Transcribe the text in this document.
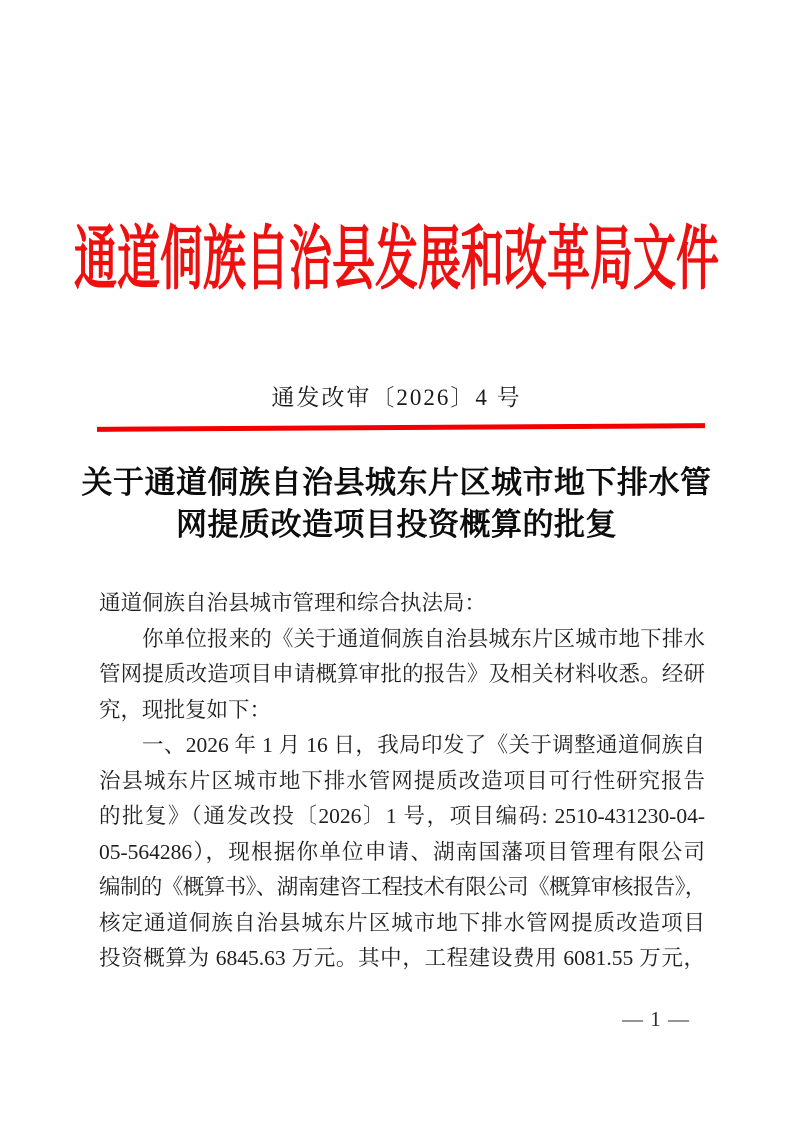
通道侗族自治县发展和改革局文件
通发改审〔2026〕4 号
关于通道侗族自治县城东片区城市地下排水管
网提质改造项目投资概算的批复
通道侗族自治县城市管理和综合执法局：
你单位报来的《关于通道侗族自治县城东片区城市地下排水
管网提质改造项目申请概算审批的报告》及相关材料收悉。经研
究，现批复如下：
一、2026 年 1 月 16 日，我局印发了《关于调整通道侗族自
治县城东片区城市地下排水管网提质改造项目可行性研究报告
的批复》（通发改投〔2026〕1 号，项目编码: 2510-431230-04-
05-564286），现根据你单位申请、湖南国藩项目管理有限公司
编制的《概算书》、湖南建咨工程技术有限公司《概算审核报告》，
核定通道侗族自治县城东片区城市地下排水管网提质改造项目
投资概算为 6845.63 万元。其中，工程建设费用 6081.55 万元，
— 1 —
